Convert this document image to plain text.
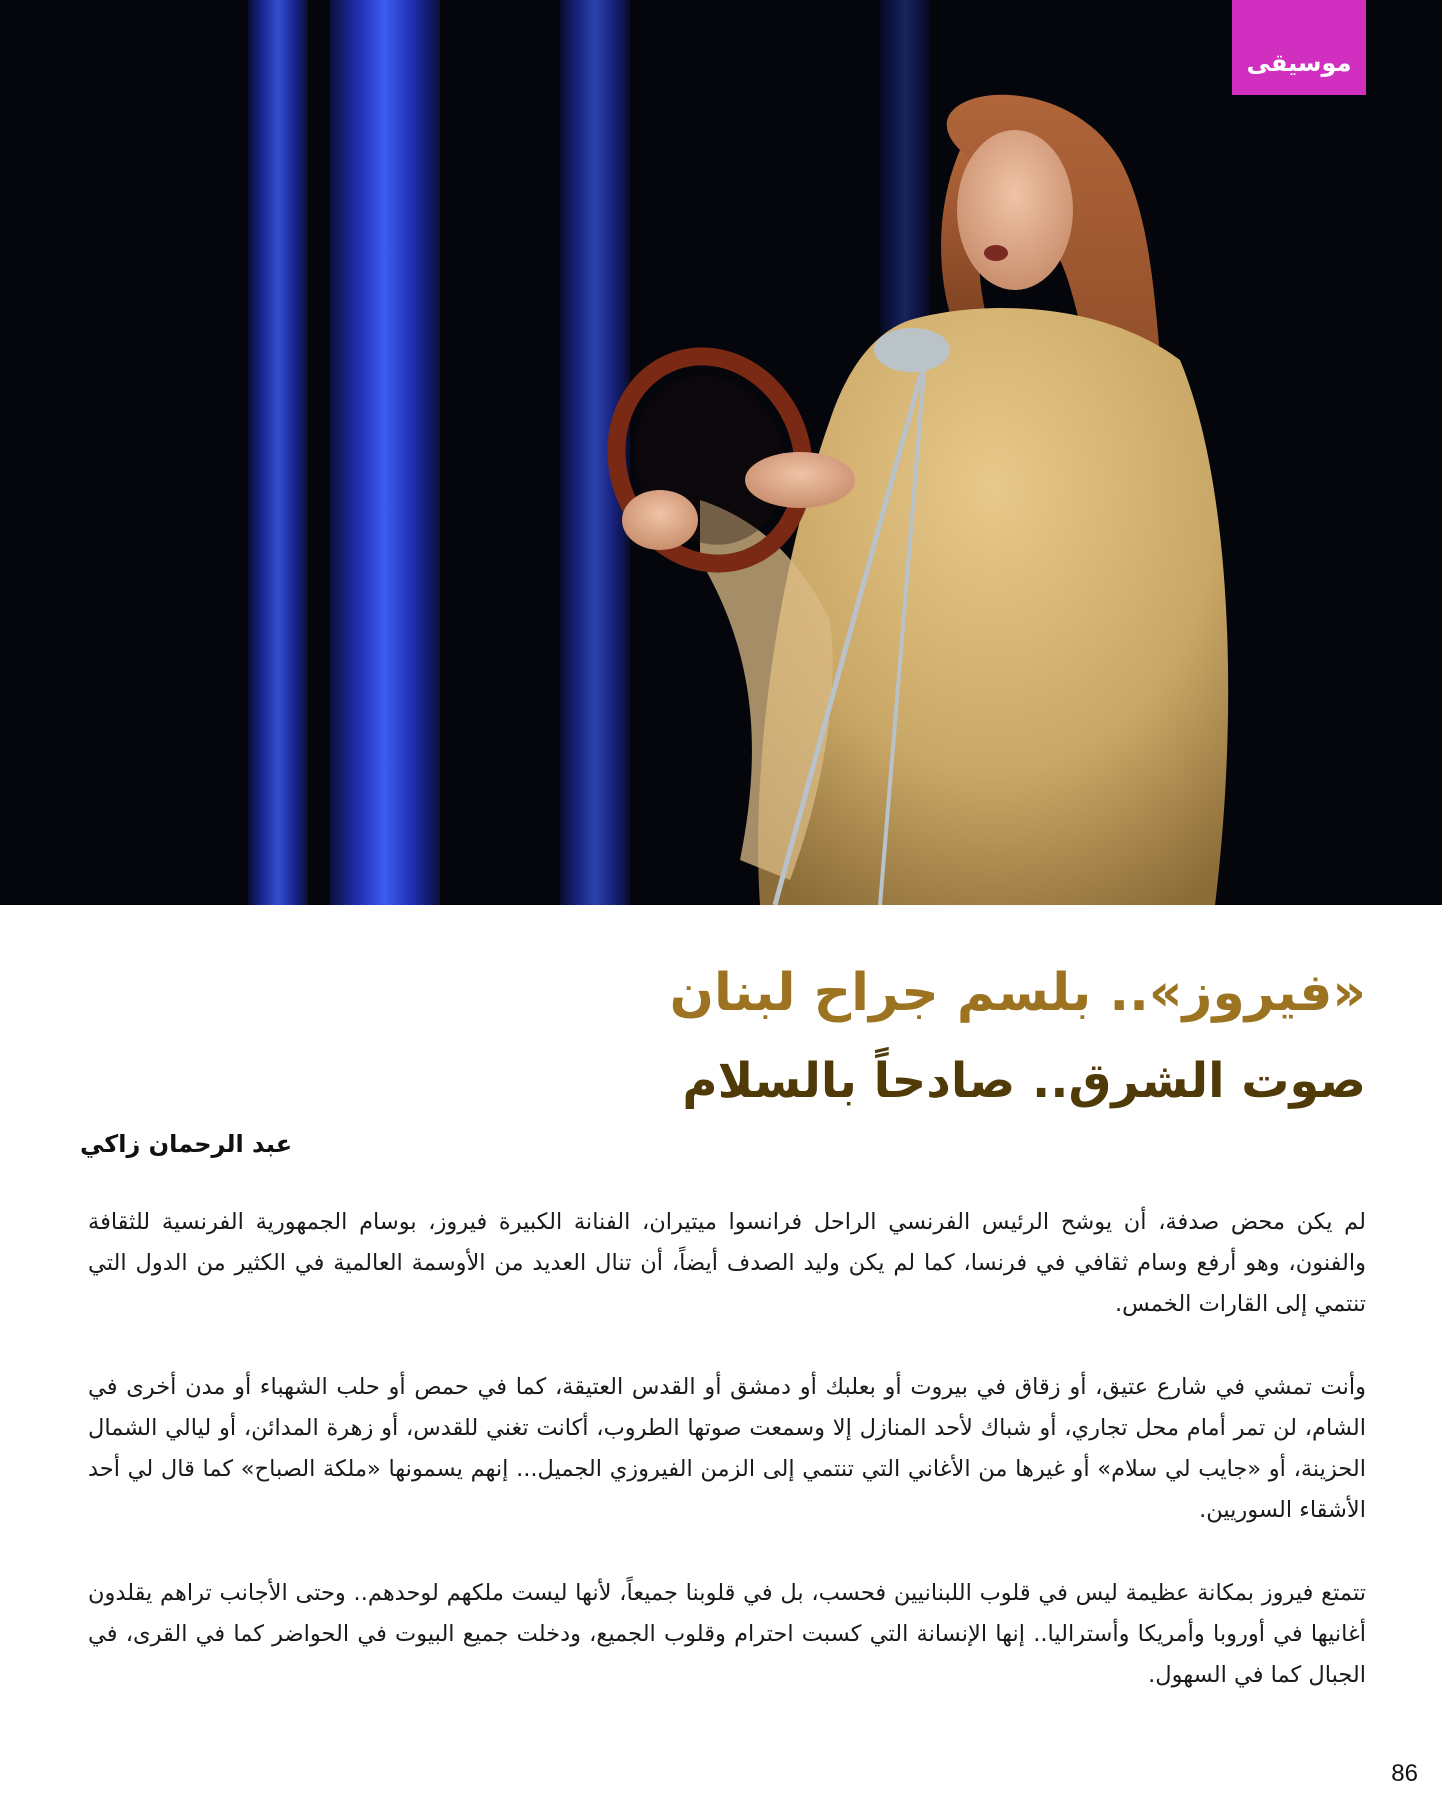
موسيقى
«فيروز».. بلسم جراح لبنان
صوت الشرق.. صادحاً بالسلام
عبد الرحمان زاكي

لم يكن محض صدفة، أن يوشح الرئيس الفرنسي الراحل فرانسوا ميتيران، الفنانة الكبيرة فيروز، بوسام الجمهورية الفرنسية للثقافة والفنون، وهو أرفع وسام ثقافي في فرنسا، كما لم يكن وليد الصدف أيضاً، أن تنال العديد من الأوسمة العالمية في الكثير من الدول التي تنتمي إلى القارات الخمس.

وأنت تمشي في شارع عتيق، أو زقاق في بيروت أو بعلبك أو دمشق أو القدس العتيقة، كما في حمص أو حلب الشهباء أو مدن أخرى في الشام، لن تمر أمام محل تجاري، أو شباك لأحد المنازل إلا وسمعت صوتها الطروب، أكانت تغني للقدس، أو زهرة المدائن، أو ليالي الشمال الحزينة، أو «جايب لي سلام» أو غيرها من الأغاني التي تنتمي إلى الزمن الفيروزي الجميل... إنهم يسمونها «ملكة الصباح» كما قال لي أحد الأشقاء السوريين.

تتمتع فيروز بمكانة عظيمة ليس في قلوب اللبنانيين فحسب، بل في قلوبنا جميعاً، لأنها ليست ملكهم لوحدهم.. وحتى الأجانب تراهم يقلدون أغانيها في أوروبا وأمريكا وأستراليا.. إنها الإنسانة التي كسبت احترام وقلوب الجميع، ودخلت جميع البيوت في الحواضر كما في القرى، في الجبال كما في السهول.

86
